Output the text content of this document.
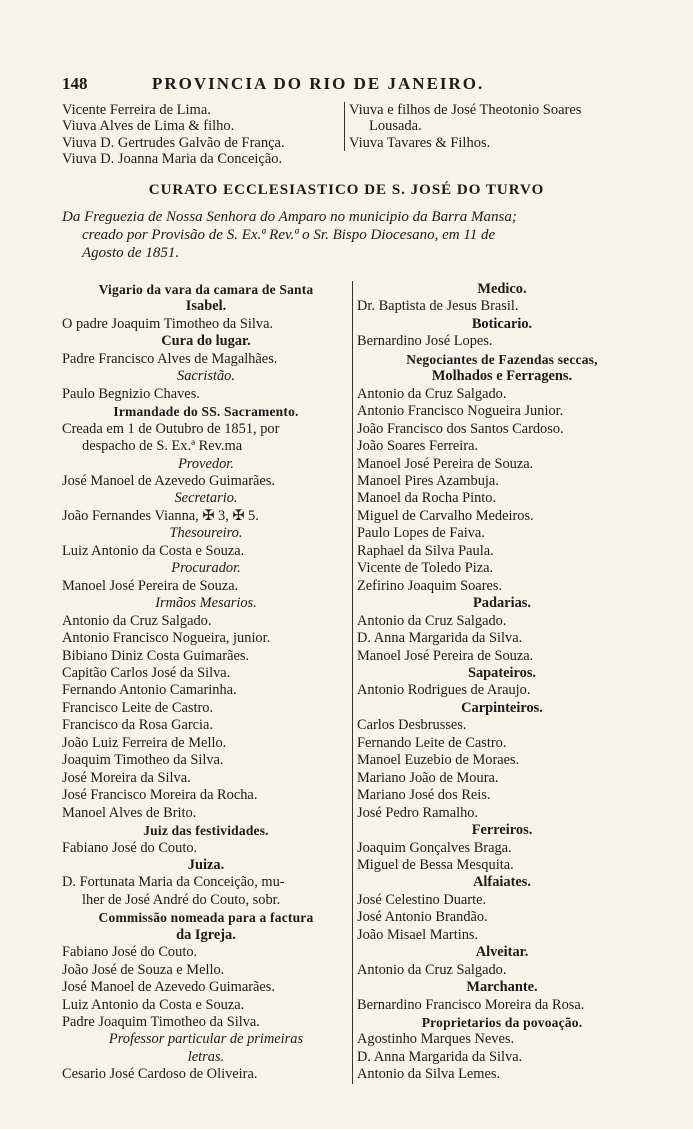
148	PROVINCIA DO RIO DE JANEIRO.
Vicente Ferreira de Lima.
Viuva Alves de Lima & filho.
Viuva D. Gertrudes Galvão de França.
Viuva D. Joanna Maria da Conceição.
Viuva e filhos de José Theotonio Soares
Lousada.
Viuva Tavares & Filhos.
CURATO ECCLESIASTICO DE S. JOSÉ DO TURVO
Da Freguezia de Nossa Senhora do Amparo no municipio da Barra Mansa;
creado por Provisão de S. Ex.ª Rev.ª o Sr. Bispo Diocesano, em 11 de
Agosto de 1851.
Vigario da vara da camara de Santa
Isabel.
O padre Joaquim Timotheo da Silva.
Cura do lugar.
Padre Francisco Alves de Magalhães.
Sacristão.
Paulo Begnizio Chaves.
Irmandade do SS. Sacramento.
Creada em 1 de Outubro de 1851, por
despacho de S. Ex.ª Rev.ma
Provedor.
José Manoel de Azevedo Guimarães.
Secretario.
João Fernandes Vianna, ✠ 3, ✠ 5.
Thesoureiro.
Luiz Antonio da Costa e Souza.
Procurador.
Manoel José Pereira de Souza.
Irmãos Mesarios.
Antonio da Cruz Salgado.
Antonio Francisco Nogueira, junior.
Bibiano Diniz Costa Guimarães.
Capitão Carlos José da Silva.
Fernando Antonio Camarinha.
Francisco Leite de Castro.
Francisco da Rosa Garcia.
João Luiz Ferreira de Mello.
Joaquim Timotheo da Silva.
José Moreira da Silva.
José Francisco Moreira da Rocha.
Manoel Alves de Brito.
Juiz das festividades.
Fabiano José do Couto.
Juiza.
D. Fortunata Maria da Conceição, mu-
lher de José André do Couto, sobr.
Commissão nomeada para a factura
da Igreja.
Fabiano José do Couto.
João José de Souza e Mello.
José Manoel de Azevedo Guimarães.
Luiz Antonio da Costa e Souza.
Padre Joaquim Timotheo da Silva.
Professor particular de primeiras
letras.
Cesario José Cardoso de Oliveira.
Medico.
Dr. Baptista de Jesus Brasil.
Boticario.
Bernardino José Lopes.
Negociantes de Fazendas seccas,
Molhados e Ferragens.
Antonio da Cruz Salgado.
Antonio Francisco Nogueira Junior.
João Francisco dos Santos Cardoso.
João Soares Ferreira.
Manoel José Pereira de Souza.
Manoel Pires Azambuja.
Manoel da Rocha Pinto.
Miguel de Carvalho Medeiros.
Paulo Lopes de Faiva.
Raphael da Silva Paula.
Vicente de Toledo Piza.
Zefirino Joaquim Soares.
Padarias.
Antonio da Cruz Salgado.
D. Anna Margarida da Silva.
Manoel José Pereira de Souza.
Sapateiros.
Antonio Rodrigues de Araujo.
Carpinteiros.
Carlos Desbrusses.
Fernando Leite de Castro.
Manoel Euzebio de Moraes.
Mariano João de Moura.
Mariano José dos Reis.
José Pedro Ramalho.
Ferreiros.
Joaquim Gonçalves Braga.
Miguel de Bessa Mesquita.
Alfaiates.
José Celestino Duarte.
José Antonio Brandão.
João Misael Martins.
Alveitar.
Antonio da Cruz Salgado.
Marchante.
Bernardino Francisco Moreira da Rosa.
Proprietarios da povoação.
Agostinho Marques Neves.
D. Anna Margarida da Silva.
Antonio da Silva Lemes.
